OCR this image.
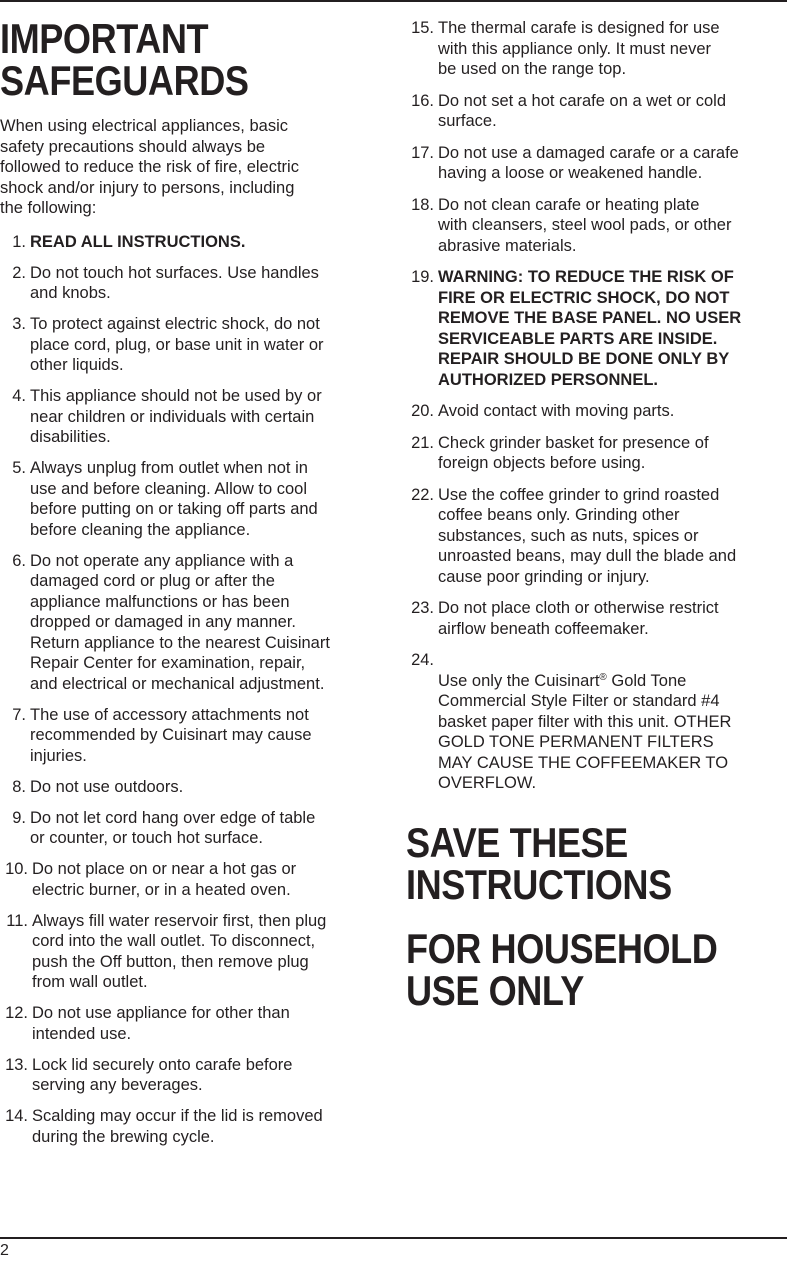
IMPORTANT
SAFEGUARDS

When using electrical appliances, basic
safety precautions should always be
followed to reduce the risk of fire, electric
shock and/or injury to persons, including
the following:

1. READ ALL INSTRUCTIONS.
2. Do not touch hot surfaces. Use handles
and knobs.
3. To protect against electric shock, do not
place cord, plug, or base unit in water or
other liquids.
4. This appliance should not be used by or
near children or individuals with certain
disabilities.
5. Always unplug from outlet when not in
use and before cleaning. Allow to cool
before putting on or taking off parts and
before cleaning the appliance.
6. Do not operate any appliance with a
damaged cord or plug or after the
appliance malfunctions or has been
dropped or damaged in any manner.
Return appliance to the nearest Cuisinart
Repair Center for examination, repair,
and electrical or mechanical adjustment.
7. The use of accessory attachments not
recommended by Cuisinart may cause
injuries.
8. Do not use outdoors.
9. Do not let cord hang over edge of table
or counter, or touch hot surface.
10. Do not place on or near a hot gas or
electric burner, or in a heated oven.
11. Always fill water reservoir first, then plug
cord into the wall outlet. To disconnect,
push the Off button, then remove plug
from wall outlet.
12. Do not use appliance for other than
intended use.
13. Lock lid securely onto carafe before
serving any beverages.
14. Scalding may occur if the lid is removed
during the brewing cycle.
15. The thermal carafe is designed for use
with this appliance only. It must never
be used on the range top.
16. Do not set a hot carafe on a wet or cold
surface.
17. Do not use a damaged carafe or a carafe
having a loose or weakened handle.
18. Do not clean carafe or heating plate
with cleansers, steel wool pads, or other
abrasive materials.
19. WARNING: TO REDUCE THE RISK OF
FIRE OR ELECTRIC SHOCK, DO NOT
REMOVE THE BASE PANEL. NO USER
SERVICEABLE PARTS ARE INSIDE.
REPAIR SHOULD BE DONE ONLY BY
AUTHORIZED PERSONNEL.
20. Avoid contact with moving parts.
21. Check grinder basket for presence of
foreign objects before using.
22. Use the coffee grinder to grind roasted
coffee beans only. Grinding other
substances, such as nuts, spices or
unroasted beans, may dull the blade and
cause poor grinding or injury.
23. Do not place cloth or otherwise restrict
airflow beneath coffeemaker.

24.
Use only the Cuisinart® Gold Tone
Commercial Style Filter or standard #4
basket paper filter with this unit. OTHER
GOLD TONE PERMANENT FILTERS
MAY CAUSE THE COFFEEMAKER TO
OVERFLOW.

SAVE THESE
INSTRUCTIONS
FOR HOUSEHOLD
USE ONLY
2
